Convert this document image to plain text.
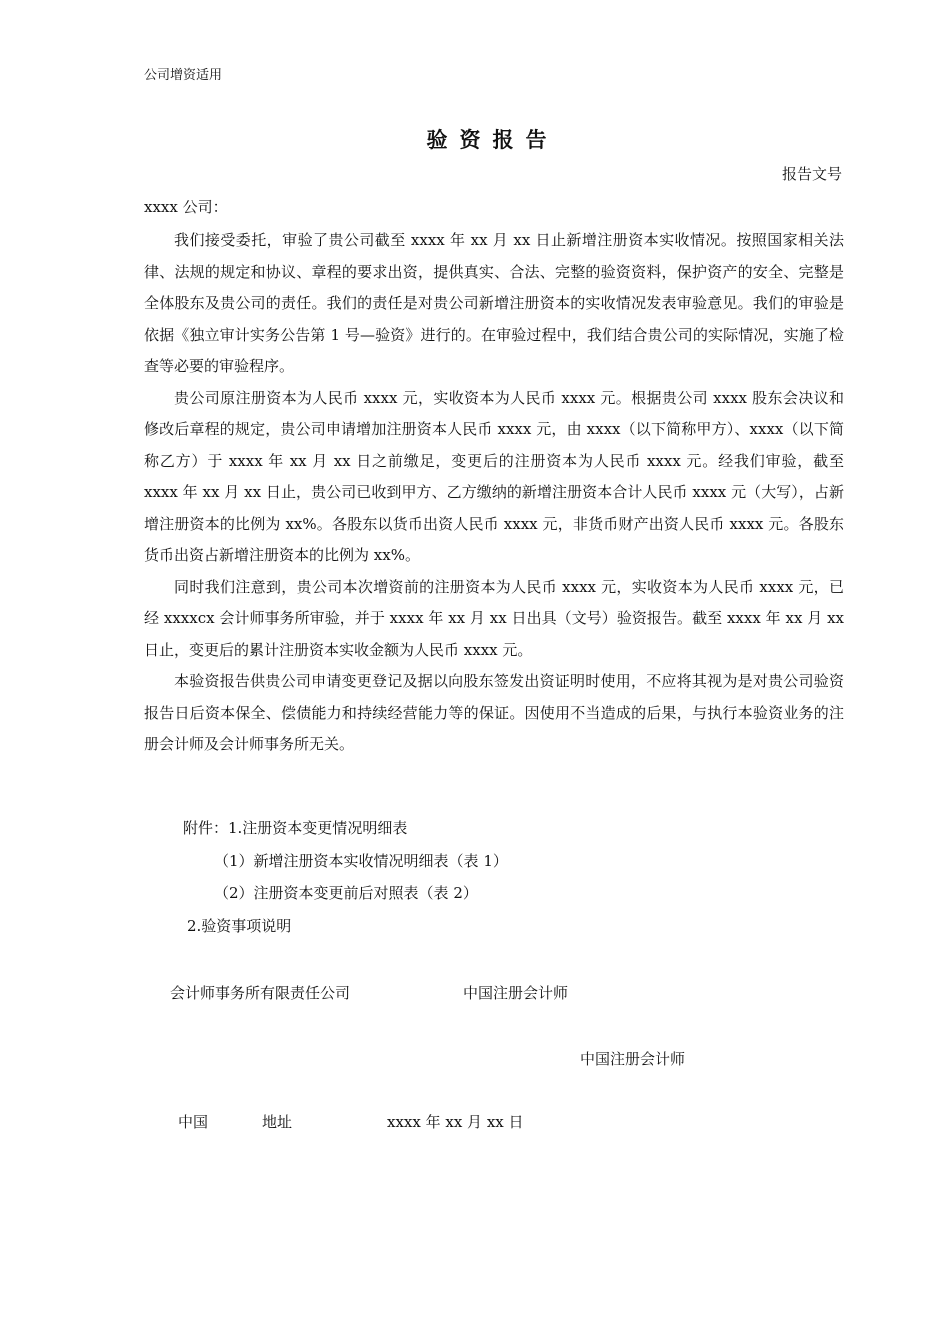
公司增资适用
验资报告
报告文号
xxxx 公司：

我们接受委托，审验了贵公司截至 xxxx 年 xx 月 xx 日止新增注册资本实收情况。按照国家相关法律、法规的规定和协议、章程的要求出资，提供真实、合法、完整的验资资料，保护资产的安全、完整是全体股东及贵公司的责任。我们的责任是对贵公司新增注册资本的实收情况发表审验意见。我们的审验是依据《独立审计实务公告第 1 号—验资》进行的。在审验过程中，我们结合贵公司的实际情况，实施了检查等必要的审验程序。

贵公司原注册资本为人民币 xxxx 元，实收资本为人民币 xxxx 元。根据贵公司 xxxx 股东会决议和修改后章程的规定，贵公司申请增加注册资本人民币 xxxx 元，由 xxxx（以下简称甲方）、xxxx（以下简称乙方）于 xxxx 年 xx 月 xx 日之前缴足，变更后的注册资本为人民币 xxxx 元。经我们审验，截至 xxxx 年 xx 月 xx 日止，贵公司已收到甲方、乙方缴纳的新增注册资本合计人民币 xxxx 元（大写），占新增注册资本的比例为 xx%。各股东以货币出资人民币 xxxx 元，非货币财产出资人民币 xxxx 元。各股东货币出资占新增注册资本的比例为 xx%。

同时我们注意到，贵公司本次增资前的注册资本为人民币 xxxx 元，实收资本为人民币 xxxx 元，已经 xxxxcx 会计师事务所审验，并于 xxxx 年 xx 月 xx 日出具（文号）验资报告。截至 xxxx 年 xx 月 xx 日止，变更后的累计注册资本实收金额为人民币 xxxx 元。

本验资报告供贵公司申请变更登记及据以向股东签发出资证明时使用，不应将其视为是对贵公司验资报告日后资本保全、偿债能力和持续经营能力等的保证。因使用不当造成的后果，与执行本验资业务的注册会计师及会计师事务所无关。

附件：1.注册资本变更情况明细表
（1）新增注册资本实收情况明细表（表 1）
（2）注册资本变更前后对照表（表 2）
2.验资事项说明
会计师事务所有限责任公司	中国注册会计师
中国注册会计师
中国	地址	xxxx 年 xx 月 xx 日
